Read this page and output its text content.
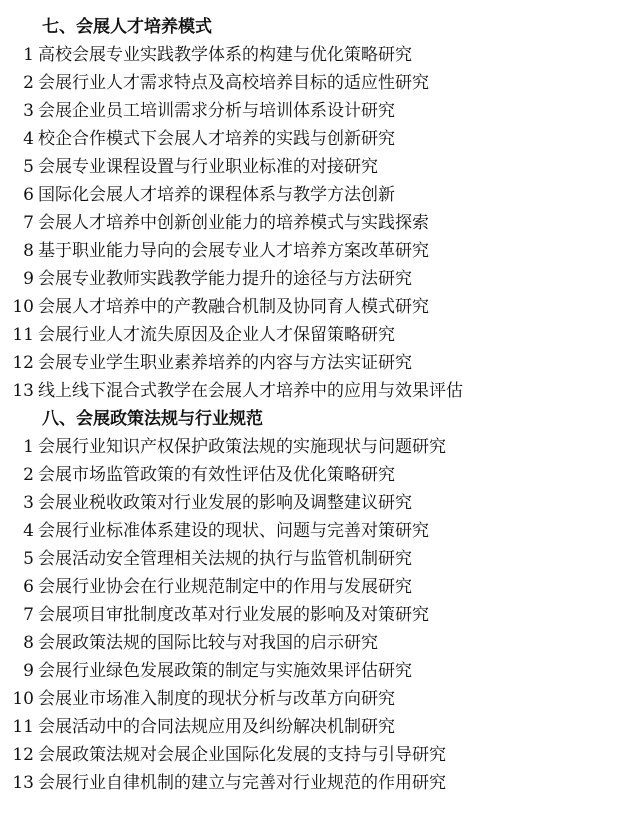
七、会展人才培养模式
1 高校会展专业实践教学体系的构建与优化策略研究
2 会展行业人才需求特点及高校培养目标的适应性研究
3 会展企业员工培训需求分析与培训体系设计研究
4 校企合作模式下会展人才培养的实践与创新研究
5 会展专业课程设置与行业职业标准的对接研究
6 国际化会展人才培养的课程体系与教学方法创新
7 会展人才培养中创新创业能力的培养模式与实践探索
8 基于职业能力导向的会展专业人才培养方案改革研究
9 会展专业教师实践教学能力提升的途径与方法研究
10 会展人才培养中的产教融合机制及协同育人模式研究
11 会展行业人才流失原因及企业人才保留策略研究
12 会展专业学生职业素养培养的内容与方法实证研究
13 线上线下混合式教学在会展人才培养中的应用与效果评估
八、会展政策法规与行业规范
1 会展行业知识产权保护政策法规的实施现状与问题研究
2 会展市场监管政策的有效性评估及优化策略研究
3 会展业税收政策对行业发展的影响及调整建议研究
4 会展行业标准体系建设的现状、问题与完善对策研究
5 会展活动安全管理相关法规的执行与监管机制研究
6 会展行业协会在行业规范制定中的作用与发展研究
7 会展项目审批制度改革对行业发展的影响及对策研究
8 会展政策法规的国际比较与对我国的启示研究
9 会展行业绿色发展政策的制定与实施效果评估研究
10 会展业市场准入制度的现状分析与改革方向研究
11 会展活动中的合同法规应用及纠纷解决机制研究
12 会展政策法规对会展企业国际化发展的支持与引导研究
13 会展行业自律机制的建立与完善对行业规范的作用研究
